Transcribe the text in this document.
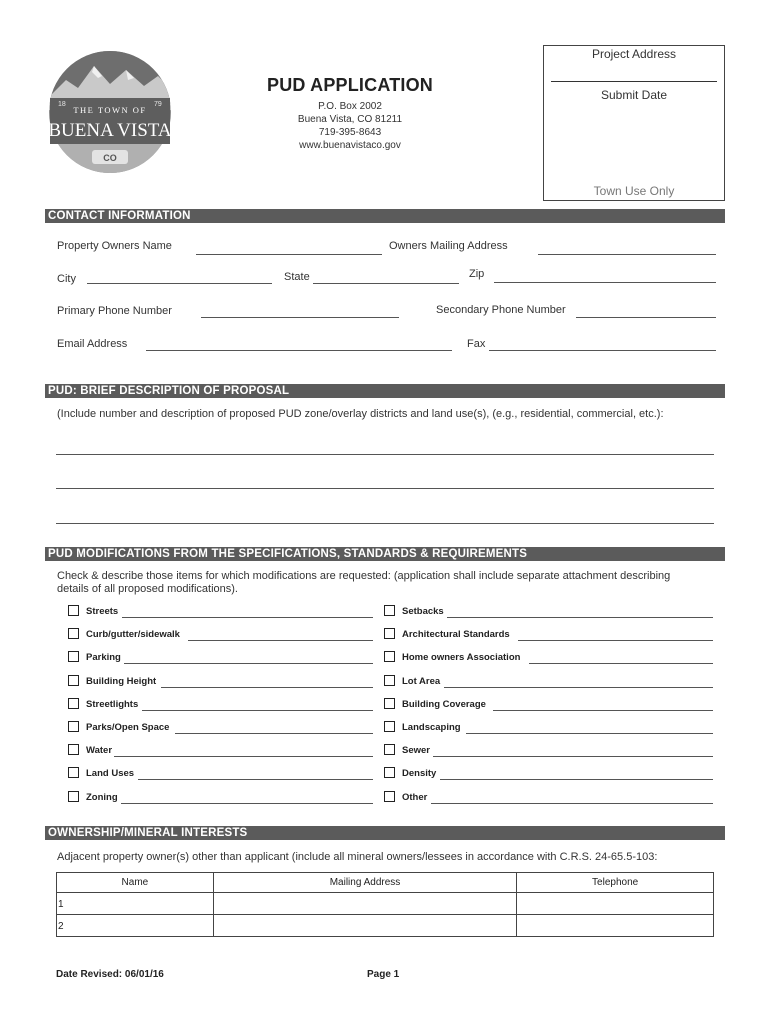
18	79
THE TOWN OF
BUENA VISTA
CO
PUD APPLICATION
P.O. Box 2002
Buena Vista, CO 81211
719-395-8643
www.buenavistaco.gov
Project Address
Submit Date
Town Use Only
CONTACT INFORMATION
Property Owners Name	Owners Mailing Address
City	State	Zip
Primary Phone Number	Secondary Phone Number
Email Address	Fax
PUD: BRIEF DESCRIPTION OF PROPOSAL
(Include number and description of proposed PUD zone/overlay districts and land use(s), (e.g., residential, commercial, etc.):
PUD MODIFICATIONS FROM THE SPECIFICATIONS, STANDARDS & REQUIREMENTS
Check & describe those items for which modifications are requested: (application shall include separate attachment describing
details of all proposed modifications).
Streets
Curb/gutter/sidewalk
Parking
Building Height
Streetlights
Parks/Open Space
Water
Land Uses
Zoning
Setbacks
Architectural Standards
Home owners Association
Lot Area
Building Coverage
Landscaping
Sewer
Density
Other
OWNERSHIP/MINERAL INTERESTS
Adjacent property owner(s) other than applicant (include all mineral owners/lessees in accordance with C.R.S. 24-65.5-103:
Name	Mailing Address	Telephone
1		
2		
Date Revised: 06/01/16	Page 1
